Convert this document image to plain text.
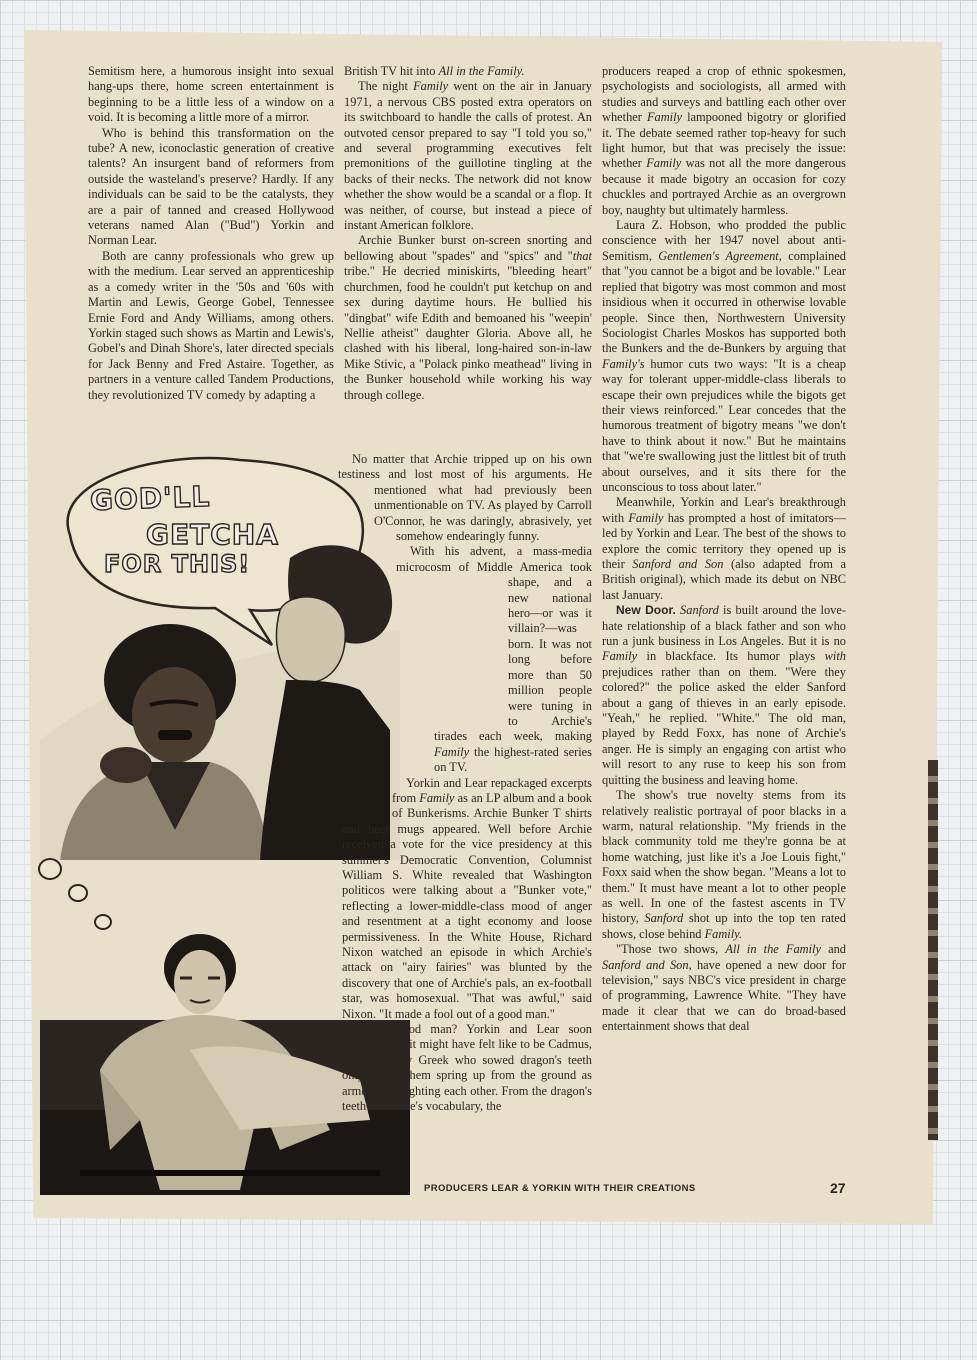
Semitism here, a humorous insight into sexual hang-ups there, home screen entertainment is beginning to be a little less of a window on a void. It is becoming a little more of a mirror.

Who is behind this transformation on the tube? A new, iconoclastic generation of creative talents? An insurgent band of reformers from outside the wasteland's preserve? Hardly. If any individuals can be said to be the catalysts, they are a pair of tanned and creased Hollywood veterans named Alan ("Bud") Yorkin and Norman Lear.

Both are canny professionals who grew up with the medium. Lear served an apprenticeship as a comedy writer in the '50s and '60s with Martin and Lewis, George Gobel, Tennessee Ernie Ford and Andy Williams, among others. Yorkin staged such shows as Martin and Lewis's, Gobel's and Dinah Shore's, later directed specials for Jack Benny and Fred Astaire. Together, as partners in a venture called Tandem Productions, they revolutionized TV comedy by adapting a

GOD'LL
GETCHA
FOR THIS!

British TV hit into All in the Family.

The night Family went on the air in January 1971, a nervous CBS posted extra operators on its switchboard to handle the calls of protest. An outvoted censor prepared to say "I told you so," and several programming executives felt premonitions of the guillotine tingling at the backs of their necks. The network did not know whether the show would be a scandal or a flop. It was neither, of course, but instead a piece of instant American folklore.

Archie Bunker burst on-screen snorting and bellowing about "spades" and "spics" and "that tribe." He decried miniskirts, "bleeding heart" churchmen, food he couldn't put ketchup on and sex during daytime hours. He bullied his "dingbat" wife Edith and bemoaned his "weepin' Nellie atheist" daughter Gloria. Above all, he clashed with his liberal, long-haired son-in-law Mike Stivic, a "Polack pinko meathead" living in the Bunker household while working his way through college.

No matter that Archie tripped up on his own testiness and lost most of his arguments. He mentioned what had previously been unmentionable on TV. As played by Carroll O'Connor, he was daringly, abrasively, yet somehow endearingly funny.

With his advent, a mass-media microcosm of Middle America took shape, and a new national hero—or was it villain?—was born. It was not long before more than 50 million people were tuning in to Archie's tirades each week, making Family the highest-rated series on TV.

Yorkin and Lear repackaged excerpts from Family as an LP album and a book of Bunkerisms. Archie Bunker T shirts and beer mugs appeared. Well before Archie received a vote for the vice presidency at this summer's Democratic Convention, Columnist William S. White revealed that Washington politicos were talking about a "Bunker vote," reflecting a lower-middle-class mood of anger and resentment at a tight economy and loose permissiveness. In the White House, Richard Nixon watched an episode in which Archie's attack on "airy fairies" was blunted by the discovery that one of Archie's pals, an ex-football star, was homosexual. "That was awful," said Nixon. "It made a fool out of a good man."

Fool? Good man? Yorkin and Lear soon learned what it might have felt like to be Cadmus, the legendary Greek who sowed dragon's teeth only to see them spring up from the ground as armed men fighting each other. From the dragon's teeth of Archie's vocabulary, the

producers reaped a crop of ethnic spokesmen, psychologists and sociologists, all armed with studies and surveys and battling each other over whether Family lampooned bigotry or glorified it. The debate seemed rather top-heavy for such light humor, but that was precisely the issue: whether Family was not all the more dangerous because it made bigotry an occasion for cozy chuckles and portrayed Archie as an overgrown boy, naughty but ultimately harmless.

Laura Z. Hobson, who prodded the public conscience with her 1947 novel about anti-Semitism, Gentlemen's Agreement, complained that "you cannot be a bigot and be lovable." Lear replied that bigotry was most common and most insidious when it occurred in otherwise lovable people. Since then, Northwestern University Sociologist Charles Moskos has supported both the Bunkers and the de-Bunkers by arguing that Family's humor cuts two ways: "It is a cheap way for tolerant upper-middle-class liberals to escape their own prejudices while the bigots get their views reinforced." Lear concedes that the humorous treatment of bigotry means "we don't have to think about it now." But he maintains that "we're swallowing just the littlest bit of truth about ourselves, and it sits there for the unconscious to toss about later."

Meanwhile, Yorkin and Lear's breakthrough with Family has prompted a host of imitators—led by Yorkin and Lear. The best of the shows to explore the comic territory they opened up is their Sanford and Son (also adapted from a British original), which made its debut on NBC last January.

New Door. Sanford is built around the love-hate relationship of a black father and son who run a junk business in Los Angeles. But it is no Family in blackface. Its humor plays with prejudices rather than on them. "Were they colored?" the police asked the elder Sanford about a gang of thieves in an early episode. "Yeah," he replied. "White." The old man, played by Redd Foxx, has none of Archie's anger. He is simply an engaging con artist who will resort to any ruse to keep his son from quitting the business and leaving home.

The show's true novelty stems from its relatively realistic portrayal of poor blacks in a warm, natural relationship. "My friends in the black community told me they're gonna be at home watching, just like it's a Joe Louis fight," Foxx said when the show began. "Means a lot to them." It must have meant a lot to other people as well. In one of the fastest ascents in TV history, Sanford shot up into the top ten rated shows, close behind Family.

"Those two shows, All in the Family and Sanford and Son, have opened a new door for television," says NBC's vice president in charge of programming, Lawrence White. "They have made it clear that we can do broad-based entertainment shows that deal

PRODUCERS LEAR & YORKIN WITH THEIR CREATIONS	27
